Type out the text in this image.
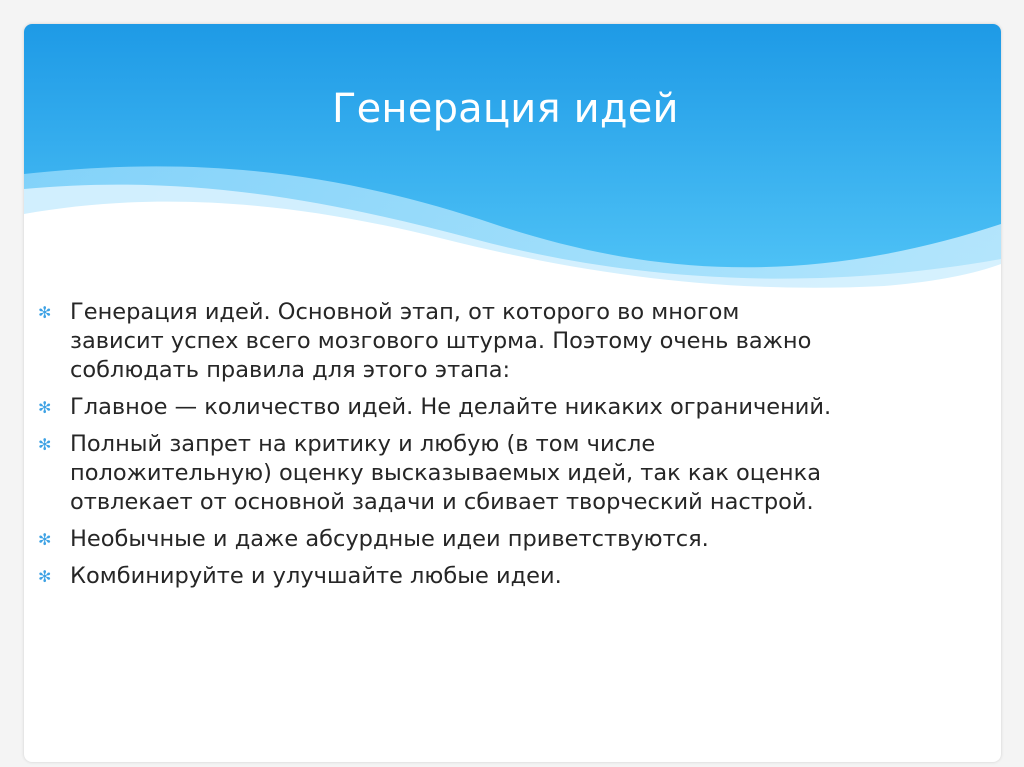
Генерация идей
✻ Генерация идей. Основной этап, от которого во многом
зависит успех всего мозгового штурма. Поэтому очень важно
соблюдать правила для этого этапа:
✻ Главное — количество идей. Не делайте никаких ограничений.
✻ Полный запрет на критику и любую (в том числе
положительную) оценку высказываемых идей, так как оценка
отвлекает от основной задачи и сбивает творческий настрой.
✻ Необычные и даже абсурдные идеи приветствуются.
✻ Комбинируйте и улучшайте любые идеи.
